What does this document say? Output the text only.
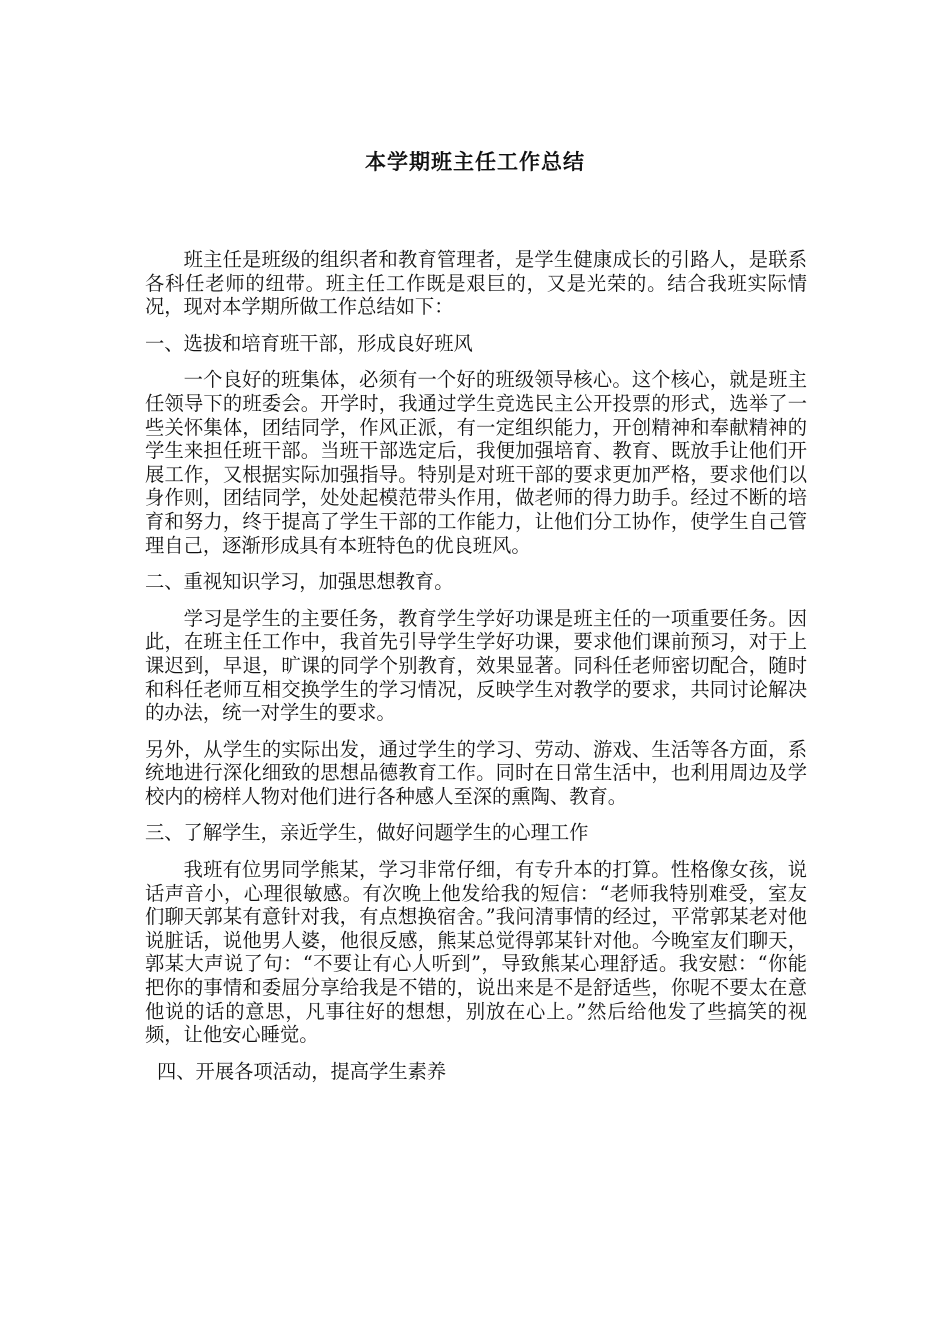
本学期班主任工作总结

班主任是班级的组织者和教育管理者，是学生健康成长的引路人，是联系各科任老师的纽带。班主任工作既是艰巨的，又是光荣的。结合我班实际情况，现对本学期所做工作总结如下：

一、选拔和培育班干部，形成良好班风

一个良好的班集体，必须有一个好的班级领导核心。这个核心，就是班主任领导下的班委会。开学时，我通过学生竞选民主公开投票的形式，选举了一些关怀集体，团结同学，作风正派，有一定组织能力，开创精神和奉献精神的学生来担任班干部。当班干部选定后，我便加强培育、教育、既放手让他们开展工作，又根据实际加强指导。特别是对班干部的要求更加严格，要求他们以身作则，团结同学，处处起模范带头作用，做老师的得力助手。经过不断的培育和努力，终于提高了学生干部的工作能力，让他们分工协作，使学生自己管理自己，逐渐形成具有本班特色的优良班风。

二、重视知识学习，加强思想教育。

学习是学生的主要任务，教育学生学好功课是班主任的一项重要任务。因此，在班主任工作中，我首先引导学生学好功课，要求他们课前预习，对于上课迟到，早退，旷课的同学个别教育，效果显著。同科任老师密切配合，随时和科任老师互相交换学生的学习情况，反映学生对教学的要求，共同讨论解决的办法，统一对学生的要求。

另外，从学生的实际出发，通过学生的学习、劳动、游戏、生活等各方面，系统地进行深化细致的思想品德教育工作。同时在日常生活中，也利用周边及学校内的榜样人物对他们进行各种感人至深的熏陶、教育。

三、了解学生，亲近学生，做好问题学生的心理工作

我班有位男同学熊某，学习非常仔细，有专升本的打算。性格像女孩，说话声音小，心理很敏感。有次晚上他发给我的短信：“老师我特别难受，室友们聊天郭某有意针对我，有点想换宿舍。”我问清事情的经过，平常郭某老对他说脏话，说他男人婆，他很反感，熊某总觉得郭某针对他。今晚室友们聊天，郭某大声说了句：“不要让有心人听到”，导致熊某心理舒适。我安慰：“你能把你的事情和委屈分享给我是不错的，说出来是不是舒适些，你呢不要太在意他说的话的意思，凡事往好的想想，别放在心上。”然后给他发了些搞笑的视频，让他安心睡觉。

四、开展各项活动，提高学生素养
